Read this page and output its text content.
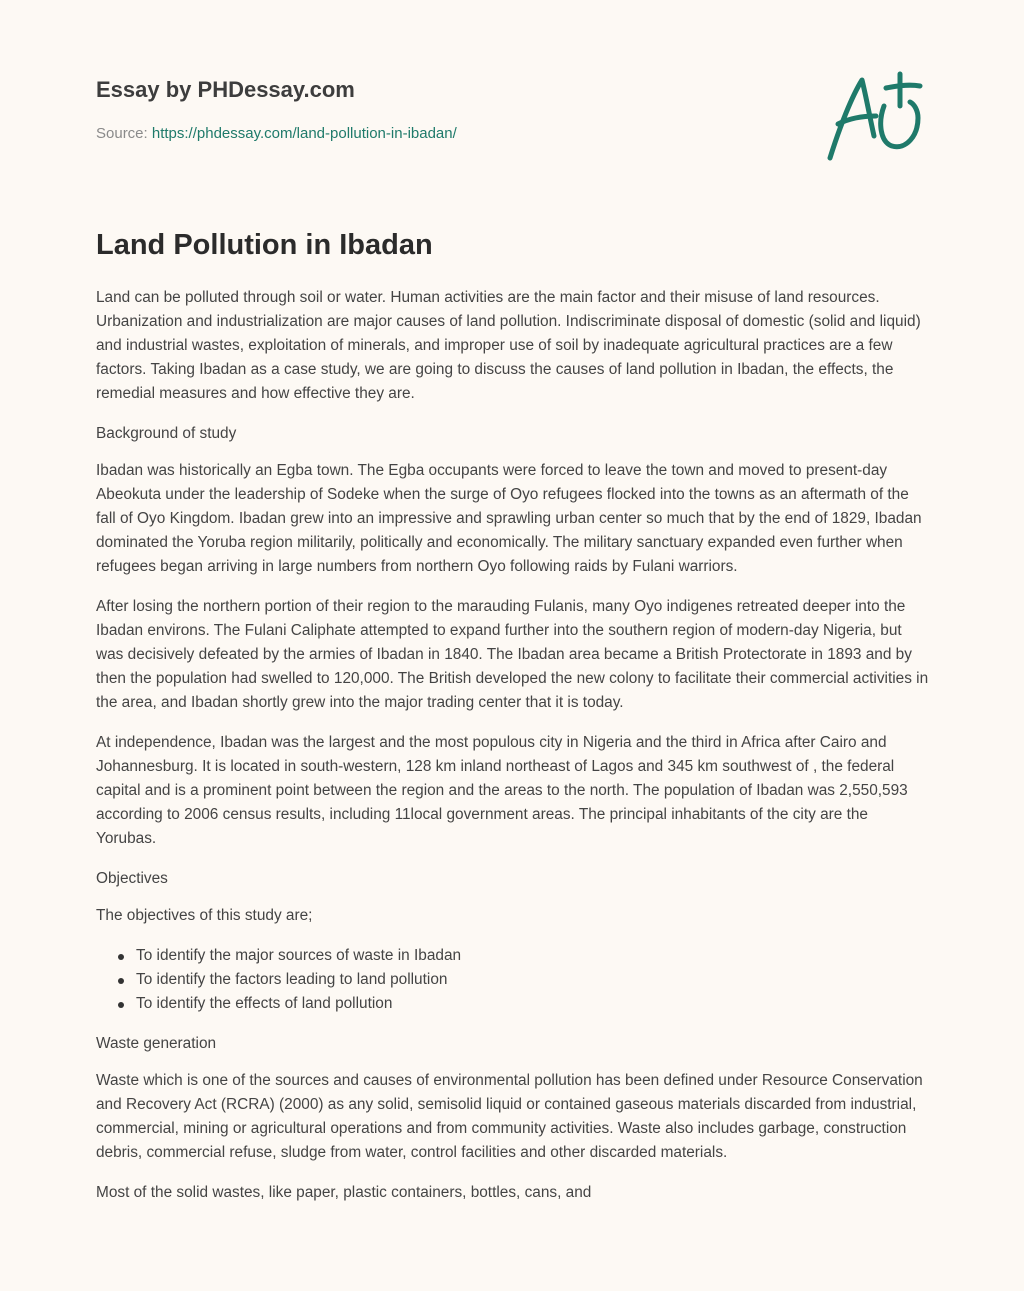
Essay by PHDessay.com
Source: https://phdessay.com/land-pollution-in-ibadan/
Land Pollution in Ibadan

Land can be polluted through soil or water. Human activities are the main factor and their misuse of land resources. Urbanization and industrialization are major causes of land pollution. Indiscriminate disposal of domestic (solid and liquid) and industrial wastes, exploitation of minerals, and improper use of soil by inadequate agricultural practices are a few factors. Taking Ibadan as a case study, we are going to discuss the causes of land pollution in Ibadan, the effects, the remedial measures and how effective they are.

Background of study

Ibadan was historically an Egba town. The Egba occupants were forced to leave the town and moved to present-day Abeokuta under the leadership of Sodeke when the surge of Oyo refugees flocked into the towns as an aftermath of the fall of Oyo Kingdom. Ibadan grew into an impressive and sprawling urban center so much that by the end of 1829, Ibadan dominated the Yoruba region militarily, politically and economically. The military sanctuary expanded even further when refugees began arriving in large numbers from northern Oyo following raids by Fulani warriors.

After losing the northern portion of their region to the marauding Fulanis, many Oyo indigenes retreated deeper into the Ibadan environs. The Fulani Caliphate attempted to expand further into the southern region of modern-day Nigeria, but was decisively defeated by the armies of Ibadan in 1840. The Ibadan area became a British Protectorate in 1893 and by then the population had swelled to 120,000. The British developed the new colony to facilitate their commercial activities in the area, and Ibadan shortly grew into the major trading center that it is today.

At independence, Ibadan was the largest and the most populous city in Nigeria and the third in Africa after Cairo and Johannesburg. It is located in south-western, 128 km inland northeast of Lagos and 345 km southwest of , the federal capital and is a prominent point between the region and the areas to the north. The population of Ibadan was 2,550,593 according to 2006 census results, including 11local government areas. The principal inhabitants of the city are the Yorubas.

Objectives

The objectives of this study are;

To identify the major sources of waste in Ibadan
To identify the factors leading to land pollution
To identify the effects of land pollution

Waste generation

Waste which is one of the sources and causes of environmental pollution has been defined under Resource Conservation and Recovery Act (RCRA) (2000) as any solid, semisolid liquid or contained gaseous materials discarded from industrial, commercial, mining or agricultural operations and from community activities. Waste also includes garbage, construction debris, commercial refuse, sludge from water, control facilities and other discarded materials.

Most of the solid wastes, like paper, plastic containers, bottles, cans, and
